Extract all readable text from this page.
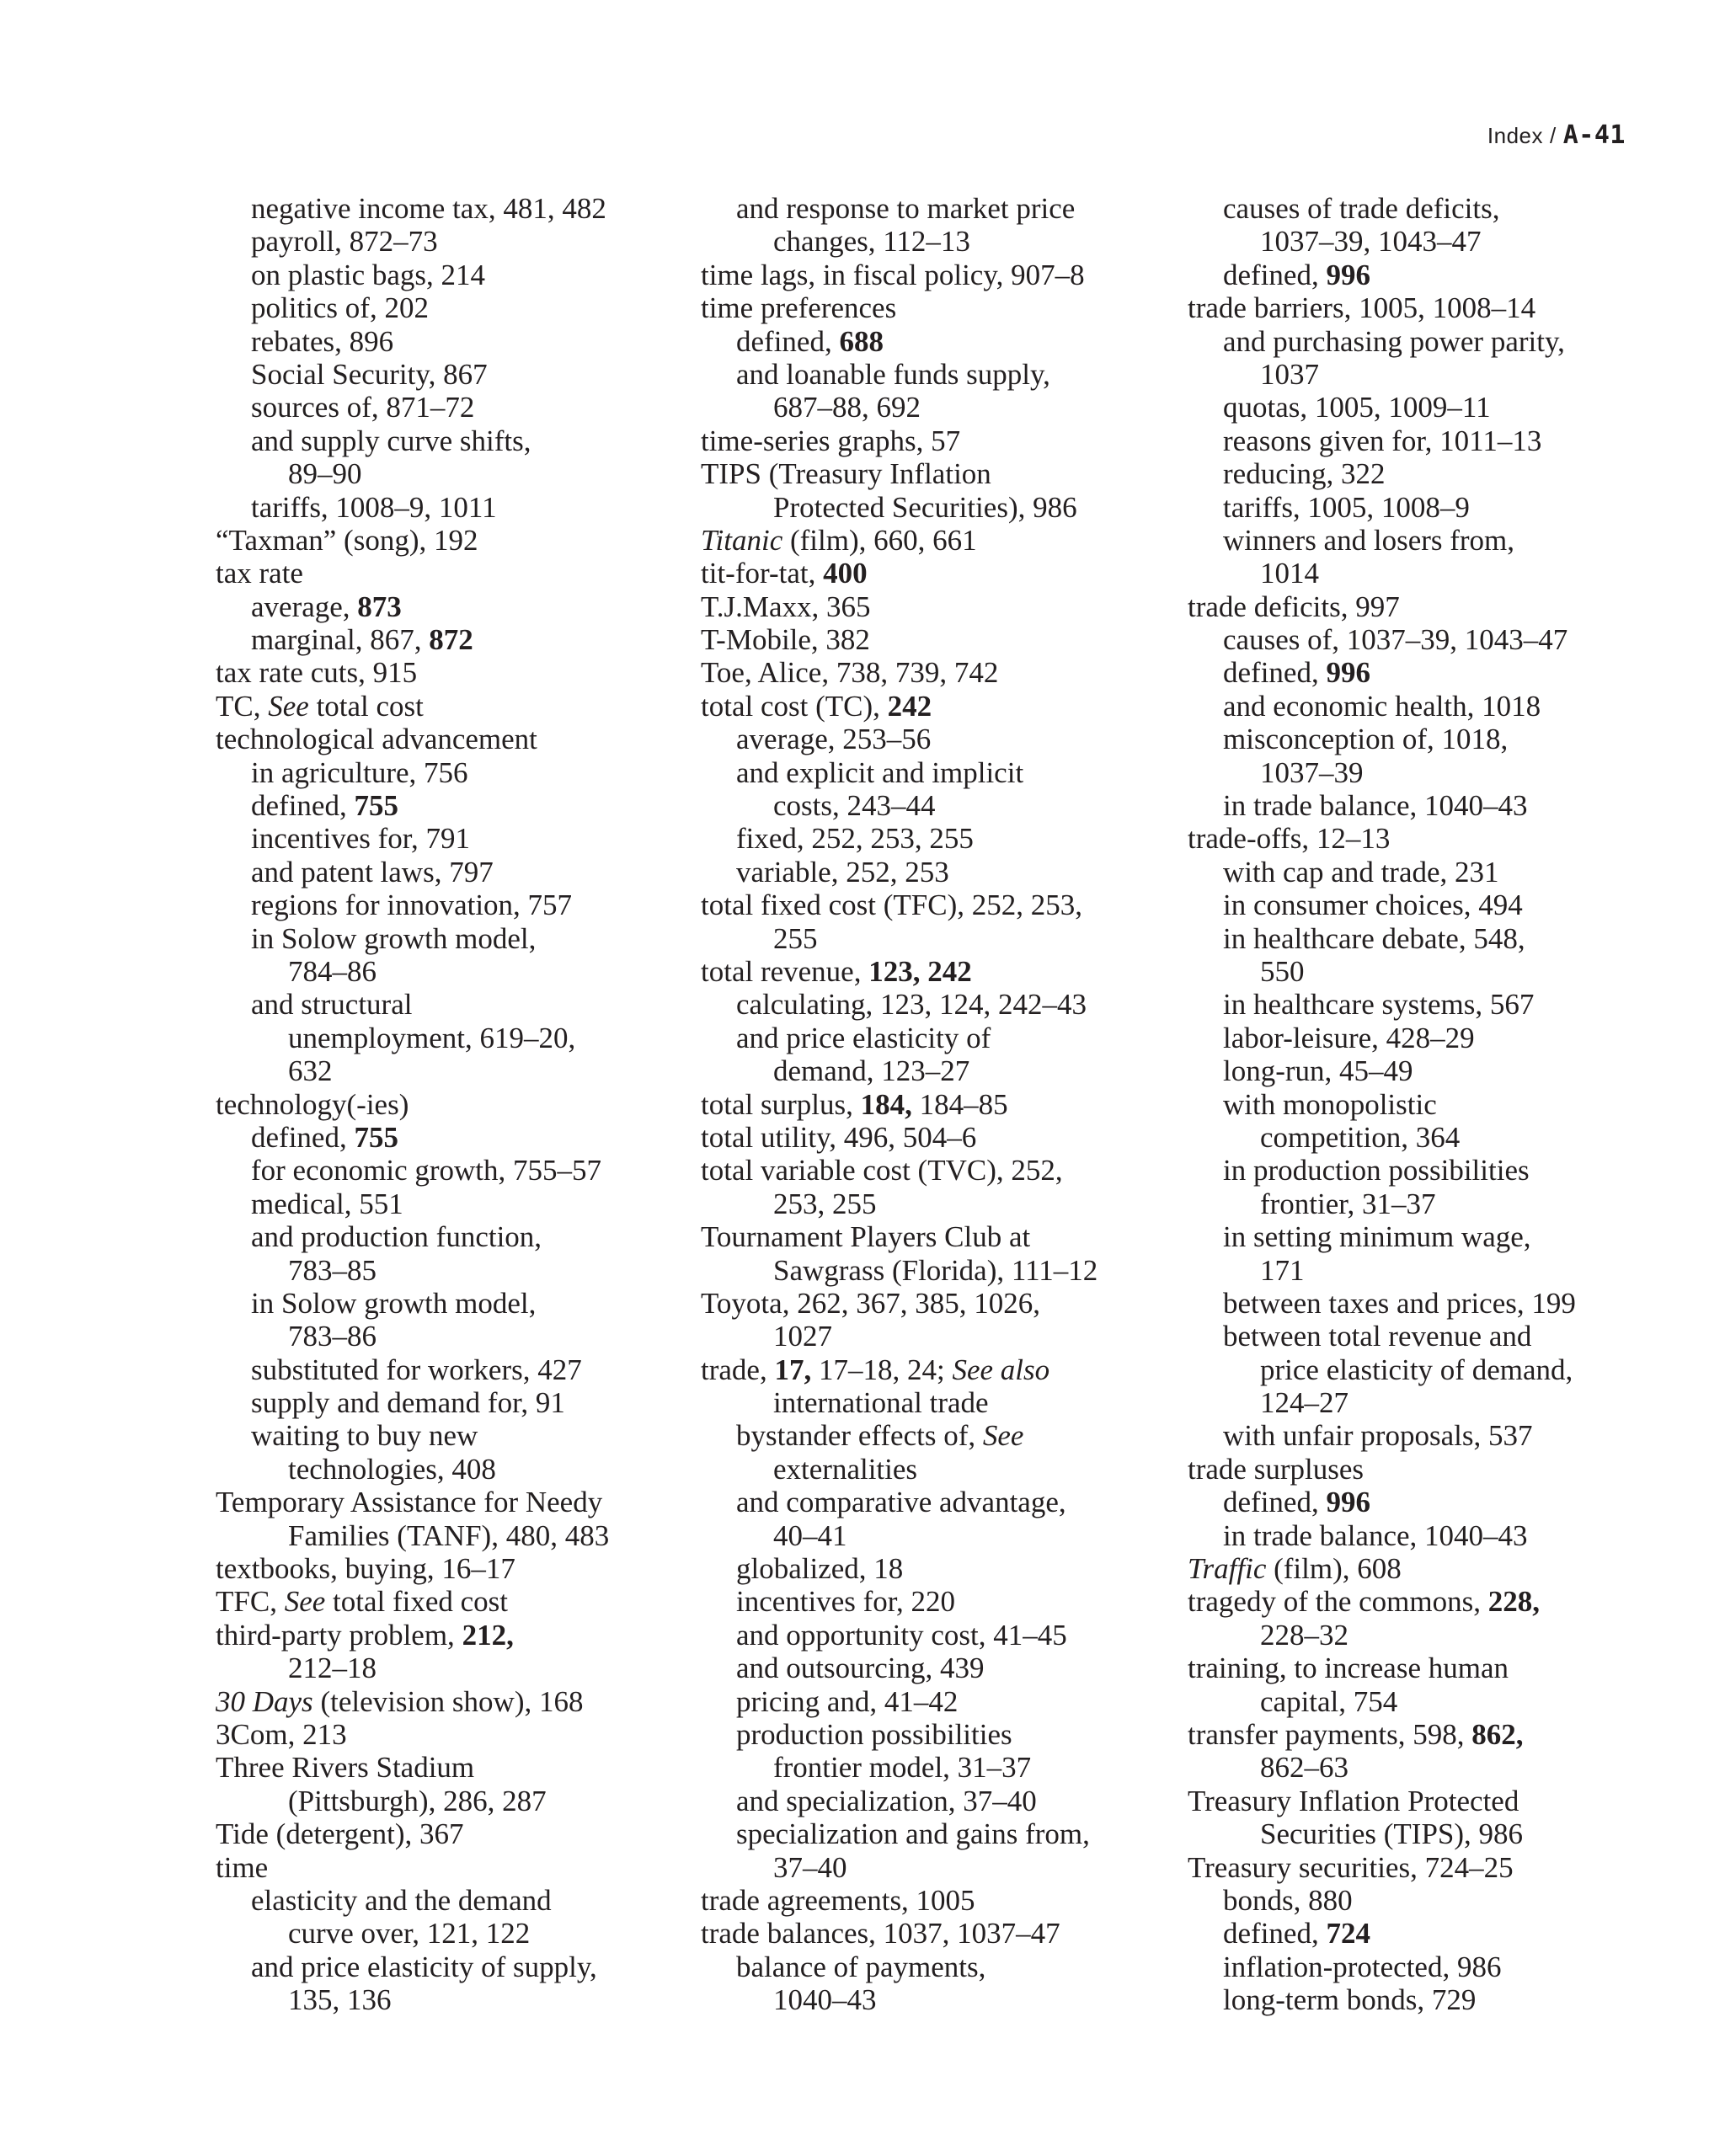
Index / A-41
negative income tax, 481, 482
payroll, 872–73
on plastic bags, 214
politics of, 202
rebates, 896
Social Security, 867
sources of, 871–72
and supply curve shifts,
89–90
tariffs, 1008–9, 1011
“Taxman” (song), 192
tax rate
average, 873
marginal, 867, 872
tax rate cuts, 915
TC, See total cost
technological advancement
in agriculture, 756
defined, 755
incentives for, 791
and patent laws, 797
regions for innovation, 757
in Solow growth model,
784–86
and structural
unemployment, 619–20,
632
technology(-ies)
defined, 755
for economic growth, 755–57
medical, 551
and production function,
783–85
in Solow growth model,
783–86
substituted for workers, 427
supply and demand for, 91
waiting to buy new
technologies, 408
Temporary Assistance for Needy
Families (TANF), 480, 483
textbooks, buying, 16–17
TFC, See total fixed cost
third-party problem, 212,
212–18
30 Days (television show), 168
3Com, 213
Three Rivers Stadium
(Pittsburgh), 286, 287
Tide (detergent), 367
time
elasticity and the demand
curve over, 121, 122
and price elasticity of supply,
135, 136
and response to market price
changes, 112–13
time lags, in fiscal policy, 907–8
time preferences
defined, 688
and loanable funds supply,
687–88, 692
time-series graphs, 57
TIPS (Treasury Inflation
Protected Securities), 986
Titanic (film), 660, 661
tit-for-tat, 400
T.J.Maxx, 365
T-Mobile, 382
Toe, Alice, 738, 739, 742
total cost (TC), 242
average, 253–56
and explicit and implicit
costs, 243–44
fixed, 252, 253, 255
variable, 252, 253
total fixed cost (TFC), 252, 253,
255
total revenue, 123, 242
calculating, 123, 124, 242–43
and price elasticity of
demand, 123–27
total surplus, 184, 184–85
total utility, 496, 504–6
total variable cost (TVC), 252,
253, 255
Tournament Players Club at
Sawgrass (Florida), 111–12
Toyota, 262, 367, 385, 1026,
1027
trade, 17, 17–18, 24; See also
international trade
bystander effects of, See
externalities
and comparative advantage,
40–41
globalized, 18
incentives for, 220
and opportunity cost, 41–45
and outsourcing, 439
pricing and, 41–42
production possibilities
frontier model, 31–37
and specialization, 37–40
specialization and gains from,
37–40
trade agreements, 1005
trade balances, 1037, 1037–47
balance of payments,
1040–43
causes of trade deficits,
1037–39, 1043–47
defined, 996
trade barriers, 1005, 1008–14
and purchasing power parity,
1037
quotas, 1005, 1009–11
reasons given for, 1011–13
reducing, 322
tariffs, 1005, 1008–9
winners and losers from,
1014
trade deficits, 997
causes of, 1037–39, 1043–47
defined, 996
and economic health, 1018
misconception of, 1018,
1037–39
in trade balance, 1040–43
trade-offs, 12–13
with cap and trade, 231
in consumer choices, 494
in healthcare debate, 548,
550
in healthcare systems, 567
labor-leisure, 428–29
long-run, 45–49
with monopolistic
competition, 364
in production possibilities
frontier, 31–37
in setting minimum wage,
171
between taxes and prices, 199
between total revenue and
price elasticity of demand,
124–27
with unfair proposals, 537
trade surpluses
defined, 996
in trade balance, 1040–43
Traffic (film), 608
tragedy of the commons, 228,
228–32
training, to increase human
capital, 754
transfer payments, 598, 862,
862–63
Treasury Inflation Protected
Securities (TIPS), 986
Treasury securities, 724–25
bonds, 880
defined, 724
inflation-protected, 986
long-term bonds, 729
